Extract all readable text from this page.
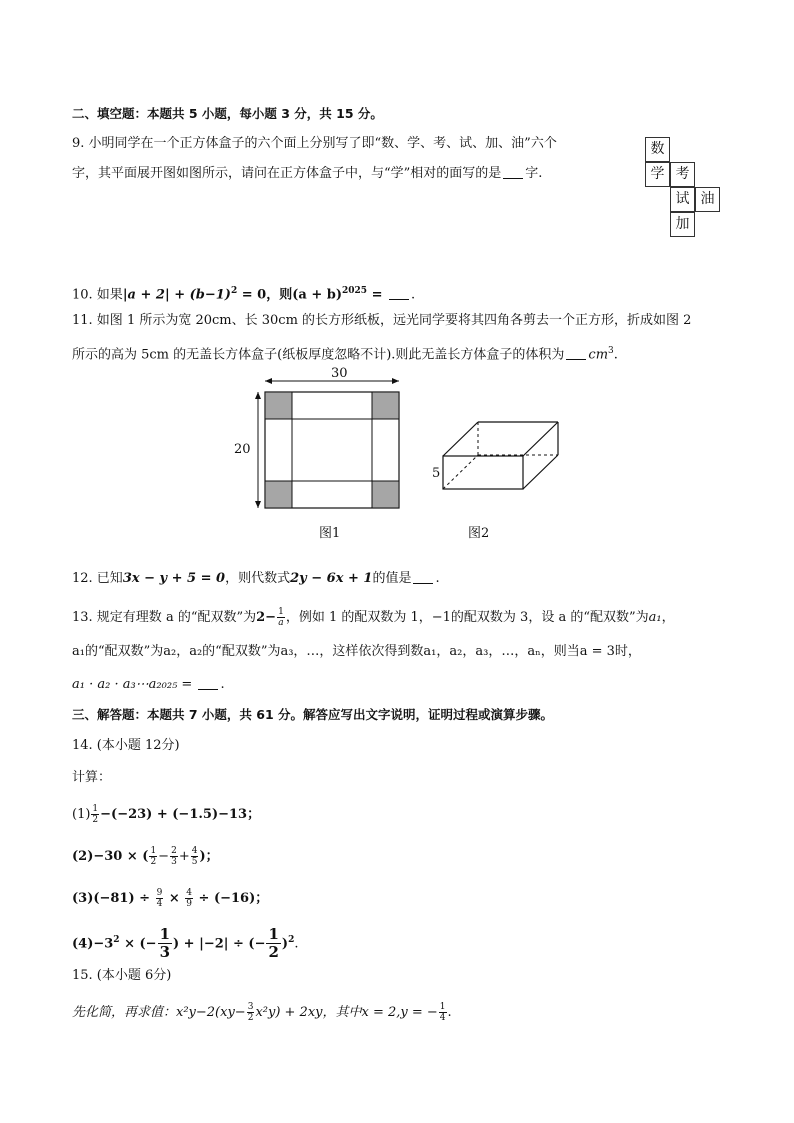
二、填空题：本题共 5 小题，每小题 3 分，共 15 分。
9. 小明同学在一个正方体盒子的六个面上分别写了即“数、学、考、试、加、油”六个
字，其平面展开图如图所示，请问在正方体盒子中，与“学”相对的面写的是 字.
数
学 考
试 油
加
10. 如果$|a + 2| + (b-1)^2 = 0$，则$(a + b)^{2025}$ = .
11. 如图 1 所示为宽 20cm、长 30cm 的长方形纸板，远光同学要将其四角各剪去一个正方形，折成如图 2
所示的高为 5cm 的无盖长方体盒子(纸板厚度忽略不计).则此无盖长方体盒子的体积为 $cm^3$.
30
20
图1
5
图2
12. 已知3x − y + 5 = 0，则代数式2y − 6x + 1的值是 .
13. 规定有理数 a 的“配双数”为$2- \frac{1}{a}$ ，例如 1 的配双数为 1，−1的配双数为 3，设 a 的“配双数”为a₁，
a₁的“配双数”为a₂，a₂的“配双数”为a₃，…，这样依次得到数a₁，a₂，a₃，…，aₙ，则当a = 3时，
a₁ · a₂ · a₃⋯a₂₀₂₅ = .
三、解答题：本题共 7 小题，共 61 分。解答应写出文字说明，证明过程或演算步骤。
14. (本小题 12分)
计算：
$(1) \frac{1}{2} -(-23) + (-1.5)-13$；
(2)−30 × ( $\frac{1}{2} - \frac{2}{3} + \frac{4}{5}$ )；
$(3)(-81) \div \frac{9}{4} \times \frac{4}{9} \div (-16)$；
$(4)-3^2$ × (− $\frac{1}{3}$ ) + |−2| ÷ (− $\frac{1}{2} )^2$.
15. (本小题 6分)
先化简，再求值：$x^2y-2(xy- \frac{3}{2} x^2y) + 2xy$，其中x = 2,y = − $\frac{1}{4}$ .
